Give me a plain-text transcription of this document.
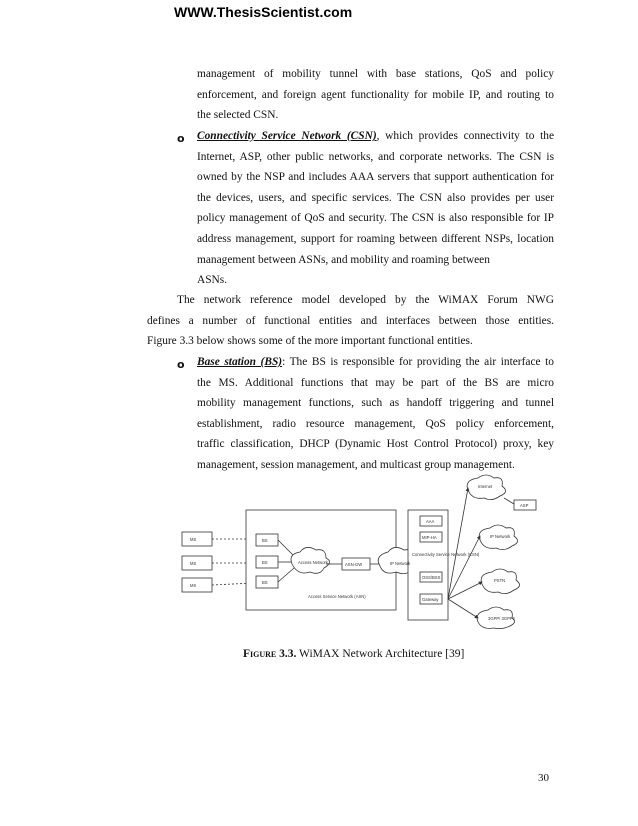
WWW.ThesisScientist.com
management of mobility tunnel with base stations, QoS and policy
enforcement, and foreign agent functionality for mobile IP, and routing to
the selected CSN.
o Connectivity Service Network (CSN), which provides connectivity to the
Internet, ASP, other public networks, and corporate networks. The CSN is
owned by the NSP and includes AAA servers that support authentication for
the devices, users, and specific services. The CSN also provides per user
policy management of QoS and security. The CSN is also responsible for IP
address management, support for roaming between different NSPs, location
management between ASNs, and mobility and roaming between
ASNs.
The network reference model developed by the WiMAX Forum NWG
defines a number of functional entities and interfaces between those entities.
Figure 3.3 below shows some of the more important functional entities.
o Base station (BS): The BS is responsible for providing the air interface to
the MS. Additional functions that may be part of the BS are micro
mobility management functions, such as handoff triggering and tunnel
establishment, radio resource management, QoS policy enforcement,
traffic classification, DHCP (Dynamic Host Control Protocol) proxy, key
management, session management, and multicast group management.
MS
MS
MS
BS
BS
BS
Access Network	ASN-GW
Access Service Network (ASN)
IP Network
AAA
MIP-HA
OSS/BSS
Gateway
Connectivity Service Network (CSN)
Internet
ASP
IP Network
PSTN
3GPP/ 3GPP2
Figure 3.3. WiMAX Network Architecture [39]
30
